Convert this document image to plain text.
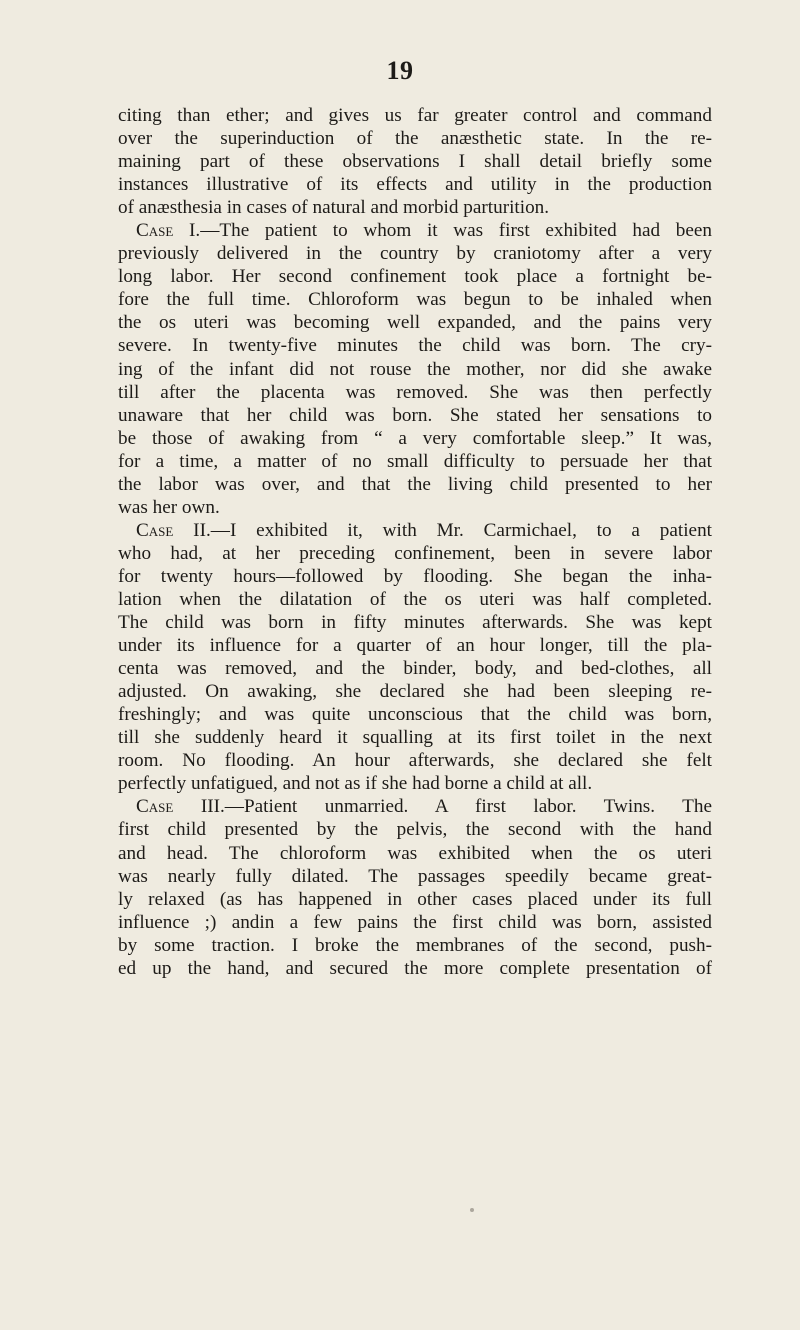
19
citing than ether; and gives us far greater control and command
over the superinduction of the anæsthetic state. In the re-
maining part of these observations I shall detail briefly some
instances illustrative of its effects and utility in the production
of anæsthesia in cases of natural and morbid parturition.
Case I.—The patient to whom it was first exhibited had been
previously delivered in the country by craniotomy after a very
long labor. Her second confinement took place a fortnight be-
fore the full time. Chloroform was begun to be inhaled when
the os uteri was becoming well expanded, and the pains very
severe. In twenty-five minutes the child was born. The cry-
ing of the infant did not rouse the mother, nor did she awake
till after the placenta was removed. She was then perfectly
unaware that her child was born. She stated her sensations to
be those of awaking from “ a very comfortable sleep.” It was,
for a time, a matter of no small difficulty to persuade her that
the labor was over, and that the living child presented to her
was her own.
Case II.—I exhibited it, with Mr. Carmichael, to a patient
who had, at her preceding confinement, been in severe labor
for twenty hours—followed by flooding. She began the inha-
lation when the dilatation of the os uteri was half completed.
The child was born in fifty minutes afterwards. She was kept
under its influence for a quarter of an hour longer, till the pla-
centa was removed, and the binder, body, and bed-clothes, all
adjusted. On awaking, she declared she had been sleeping re-
freshingly; and was quite unconscious that the child was born,
till she suddenly heard it squalling at its first toilet in the next
room. No flooding. An hour afterwards, she declared she felt
perfectly unfatigued, and not as if she had borne a child at all.
Case III.—Patient unmarried. A first labor. Twins. The
first child presented by the pelvis, the second with the hand
and head. The chloroform was exhibited when the os uteri
was nearly fully dilated. The passages speedily became great-
ly relaxed (as has happened in other cases placed under its full
influence ;) andin a few pains the first child was born, assisted
by some traction. I broke the membranes of the second, push-
ed up the hand, and secured the more complete presentation of
